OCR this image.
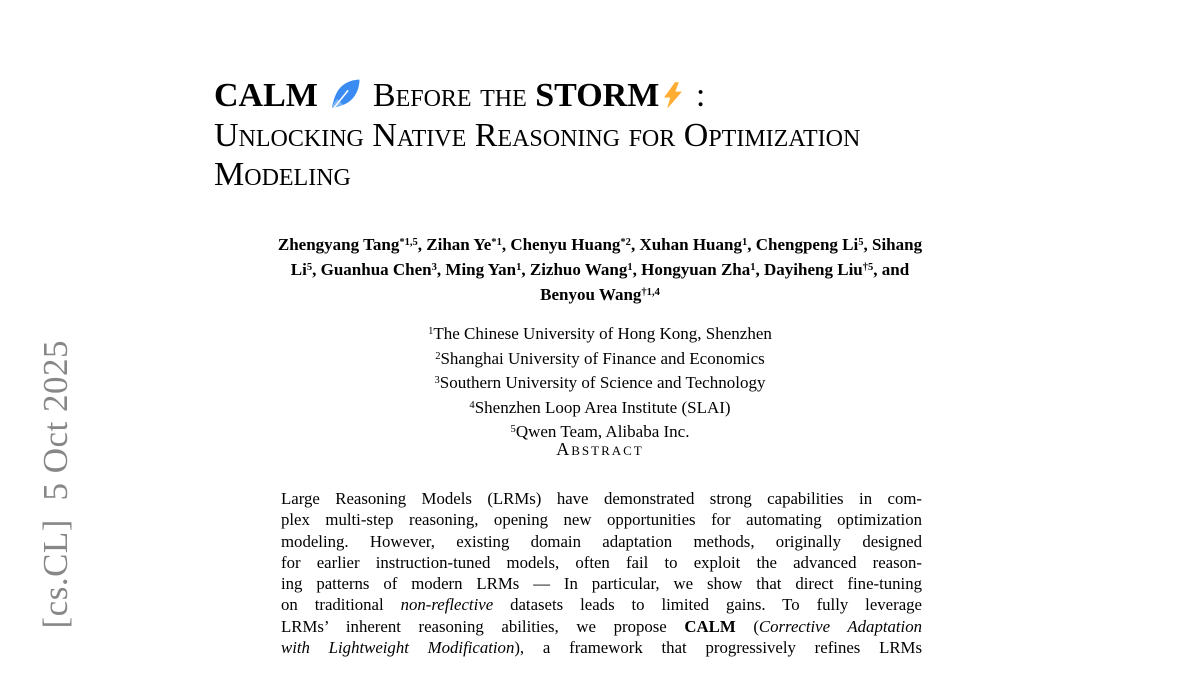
[cs.CL]  5 Oct 2025
CALM Before the STORM :
Unlocking Native Reasoning for Optimization
Modeling
Zhengyang Tang$^{*1,5}$, Zihan Ye$^{*1}$, Chenyu Huang$^{*2}$, Xuhan Huang$^1$, Chengpeng Li$^5$, Sihang
Li$^5$, Guanhua Chen$^3$, Ming Yan$^1$, Zizhuo Wang$^1$, Hongyuan Zha$^1$, Dayiheng Liu$^{\dagger 5}$, and
Benyou Wang$^{\dagger 1,4}$
$^1$The Chinese University of Hong Kong, Shenzhen
$^2$Shanghai University of Finance and Economics
$^3$Southern University of Science and Technology
$^4$Shenzhen Loop Area Institute (SLAI)
$^5$Qwen Team, Alibaba Inc.
Abstract
Large Reasoning Models (LRMs) have demonstrated strong capabilities in com-
plex multi-step reasoning, opening new opportunities for automating optimization
modeling. However, existing domain adaptation methods, originally designed
for earlier instruction-tuned models, often fail to exploit the advanced reason-
ing patterns of modern LRMs — In particular, we show that direct fine-tuning
on traditional non-reflective datasets leads to limited gains. To fully leverage
LRMs’ inherent reasoning abilities, we propose CALM (Corrective Adaptation
with Lightweight Modification), a framework that progressively refines LRMs
